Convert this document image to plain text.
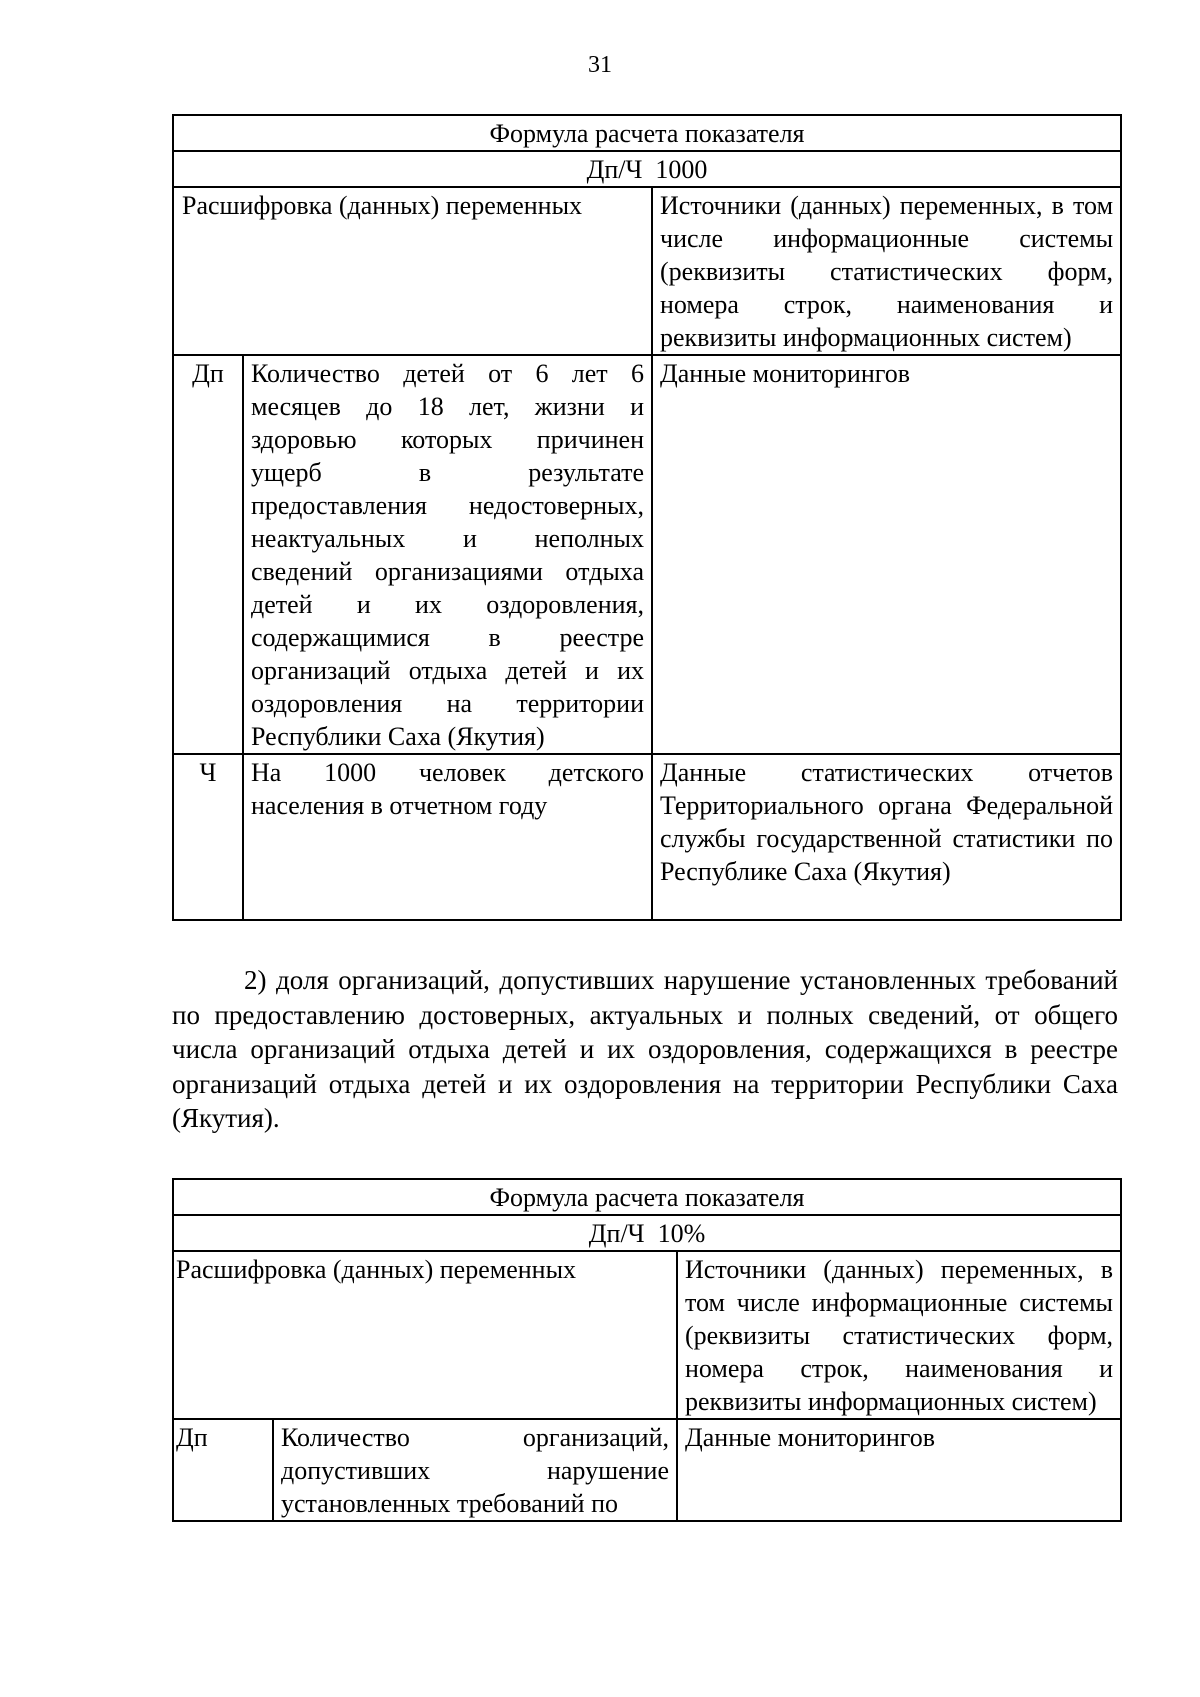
31
Формула расчета показателя		
Дп/Ч  1000		
Расшифровка (данных) переменных		Источники (данных) переменных, в том числе информационные системы (реквизиты статистических форм, номера строк, наименования и реквизиты информационных систем)
Дп	Количество детей от 6 лет 6 месяцев до 18 лет, жизни и здоровью которых причинен ущерб в результате предоставления недостоверных, неактуальных и неполных сведений организациями отдыха детей и их оздоровления, содержащимися в реестре организаций отдыха детей и их оздоровления на территории Республики Саха (Якутия)	Данные мониторингов
Ч	На 1000 человек детского населения в отчетном году	Данные статистических отчетов Территориального органа Федеральной службы государственной статистики по Республике Саха (Якутия)

2) доля организаций, допустивших нарушение установленных требований по предоставлению достоверных, актуальных и полных сведений, от общего числа организаций отдыха детей и их оздоровления, содержащихся в реестре организаций отдыха детей и их оздоровления на территории Республики Саха (Якутия).

Формула расчета показателя		
Дп/Ч  10%		
Расшифровка (данных) переменных		Источники (данных) переменных, в том числе информационные системы (реквизиты статистических форм, номера строк, наименования и реквизиты информационных систем)
Дп	Количество организаций, допустивших нарушение установленных требований по	Данные мониторингов
